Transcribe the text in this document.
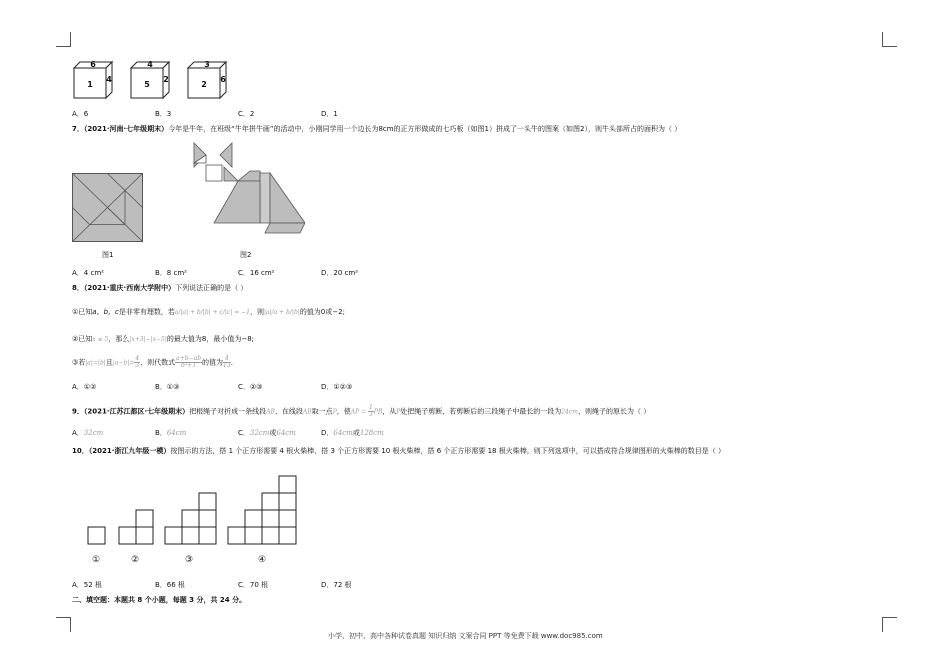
6
1
4
4
5
2
3
2
6
A．6	B．3	C．2	D．1
7．（2021·河南·七年级期末）今年是牛年，在班级“牛年拼牛画”的活动中，小刚同学用一个边长为8cm的正方形做成的七巧板（如图1）拼成了一头牛的图案（如图2），则牛头部所占的面积为（ ）
图1	图2
A．4 cm²	B．8 cm²	C．16 cm²	D．20 cm²
8．（2021·重庆·西南大学附中）下列说法正确的是（ ）
①已知a，b，c是非零有理数，若a/|a| + b/|b| + c/|c| = −1，则|a|/a + b/|b|的值为0或−2;
②已知x ≤ 5，那么|x+3|−|x−5|的最大值为8，最小值为−8;
③若|a|=|b|且$|a-b|= \frac{4}{3}$ ，则代数式 $\frac{a+b-ab}{\text{b²+1}}$ 的值为 $\frac{4}{13}$ ．
A．①②	B．①③	C．②③	D．①②③
9．（2021·江苏江都区·七年级期末）把根绳子对折成一条线段AB，在线段AB取一点P，使AP = $\frac{1}{3}$ PB，从P处把绳子剪断，若剪断后的三段绳子中最长的一段为24cm，则绳子的原长为（ ）
A．32cm	B．64cm	C．32cm或64cm	D．64cm或128cm
10．（2021·浙江九年级一模）按图示的方法，搭 1 个正方形需要 4 根火柴棒，搭 3 个正方形需要 10 根火柴棒，搭 6 个正方形需要 18 根火柴棒，则下列选项中，可以搭成符合规律图形的火柴棒的数目是（ ）
①	②	③	④
A．52 根	B．66 根	C．70 根	D．72 根
二、填空题：本题共 8 个小题，每题 3 分，共 24 分。
小学、初中、高中各种试卷真题 知识归纳 文案合同 PPT 等免费下载 www.doc985.com
